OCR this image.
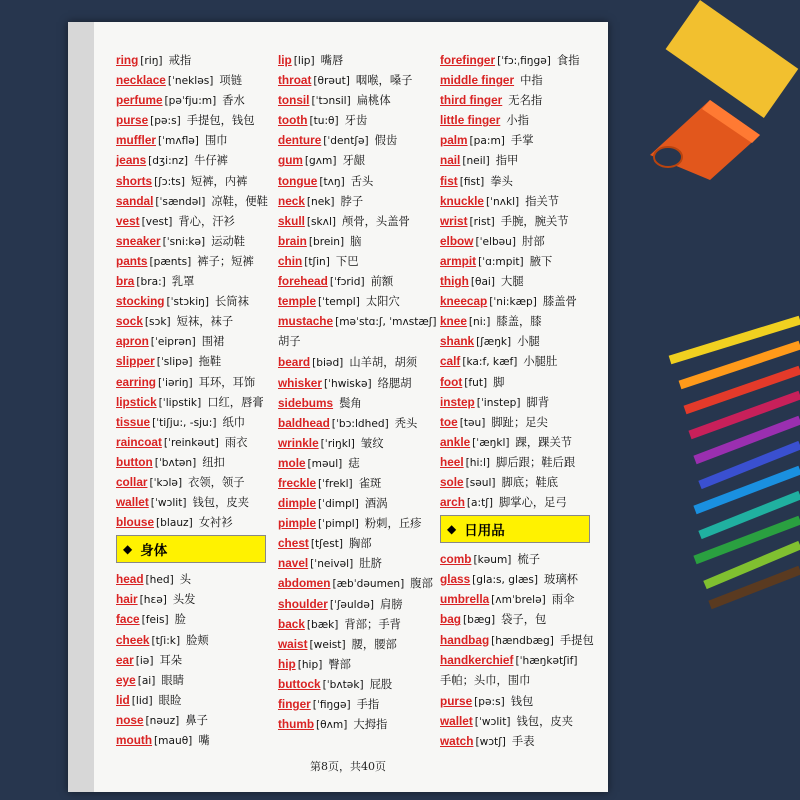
ring [riŋ] 戒指
necklace [ˈnekləs] 项链
perfume [pəˈfju:m] 香水
purse [pə:s] 手提包，钱包
muffler [ˈmʌflə] 围巾
jeans [dʒi:nz] 牛仔裤
shorts [ʃɔ:ts] 短裤，内裤
sandal [ˈsændəl] 凉鞋，便鞋
vest [vest] 背心，汗衫
sneaker [ˈsni:kə] 运动鞋
pants [pænts] 裤子；短裤
bra [bra:] 乳罩
stocking [ˈstɔkiŋ] 长筒袜
sock [sɔk] 短袜，袜子
apron [ˈeiprən] 围裙
slipper [ˈslipə] 拖鞋
earring [ˈiəriŋ] 耳环，耳饰
lipstick [ˈlipstik] 口红，唇膏
tissue [ˈtiʃju:, -sju:] 纸巾
raincoat [ˈreinkəut] 雨衣
button [ˈbʌtən] 纽扣
collar [ˈkɔlə] 衣领，领子
wallet [ˈwɔlit] 钱包，皮夹
blouse [blauz] 女衬衫
◆ 身体
head [hed] 头
hair [hεə] 头发
face [feis] 脸
cheek [tʃi:k] 脸颊
ear [iə] 耳朵
eye [ai] 眼睛
lid [lid] 眼睑
nose [nəuz] 鼻子
mouth [mauθ] 嘴
lip [lip] 嘴唇
throat [θrəut] 咽喉，嗓子
tonsil [ˈtɔnsil] 扁桃体
tooth [tu:θ] 牙齿
denture [ˈdentʃə] 假齿
gum [gʌm] 牙龈
tongue [tʌŋ] 舌头
neck [nek] 脖子
skull [skʌl] 颅骨，头盖骨
brain [brein] 脑
chin [tʃin] 下巴
forehead [ˈfɔrid] 前额
temple [ˈtempl] 太阳穴
mustache [məˈstɑ:ʃ, ˈmʌstæʃ]
胡子
beard [biəd] 山羊胡，胡须
whisker [ˈhwiskə] 络腮胡
sidebums 鬓角
baldhead [ˈbɔ:ldhed] 秃头
wrinkle [ˈriŋkl] 皱纹
mole [məul] 痣
freckle [ˈfrekl] 雀斑
dimple [ˈdimpl] 酒涡
pimple [ˈpimpl] 粉刺，丘疹
chest [tʃest] 胸部
navel [ˈneivəl] 肚脐
abdomen [æbˈdəumen] 腹部
shoulder [ˈʃəuldə] 肩膀
back [bæk] 背部；手背
waist [weist] 腰，腰部
hip [hip] 臀部
buttock [ˈbʌtək] 屁股
finger [ˈfiŋgə] 手指
thumb [θʌm] 大拇指
forefinger [ˈfɔ:ˌfiŋgə] 食指
middle finger 中指
third finger 无名指
little finger 小指
palm [pa:m] 手掌
nail [neil] 指甲
fist [fist] 拳头
knuckle [ˈnʌkl] 指关节
wrist [rist] 手腕，腕关节
elbow [ˈelbəu] 肘部
armpit [ˈɑ:mpit] 腋下
thigh [θai] 大腿
kneecap [ˈni:kæp] 膝盖骨
knee [ni:] 膝盖，膝
shank [ʃæŋk] 小腿
calf [ka:f, kæf] 小腿肚
foot [fut] 脚
instep [ˈinstep] 脚背
toe [təu] 脚趾；足尖
ankle [ˈæŋkl] 踝，踝关节
heel [hi:l] 脚后跟；鞋后跟
sole [səul] 脚底；鞋底
arch [a:tʃ] 脚掌心，足弓
◆ 日用品
comb [kəum] 梳子
glass [gla:s, glæs] 玻璃杯
umbrella [ʌmˈbrelə] 雨伞
bag [bæg] 袋子，包
handbag [hændbæg] 手提包
handkerchief [ˈhæŋkətʃif]
手帕；头巾，围巾
purse [pə:s] 钱包
wallet [ˈwɔlit] 钱包，皮夹
watch [wɔtʃ] 手表
第8页，共40页
